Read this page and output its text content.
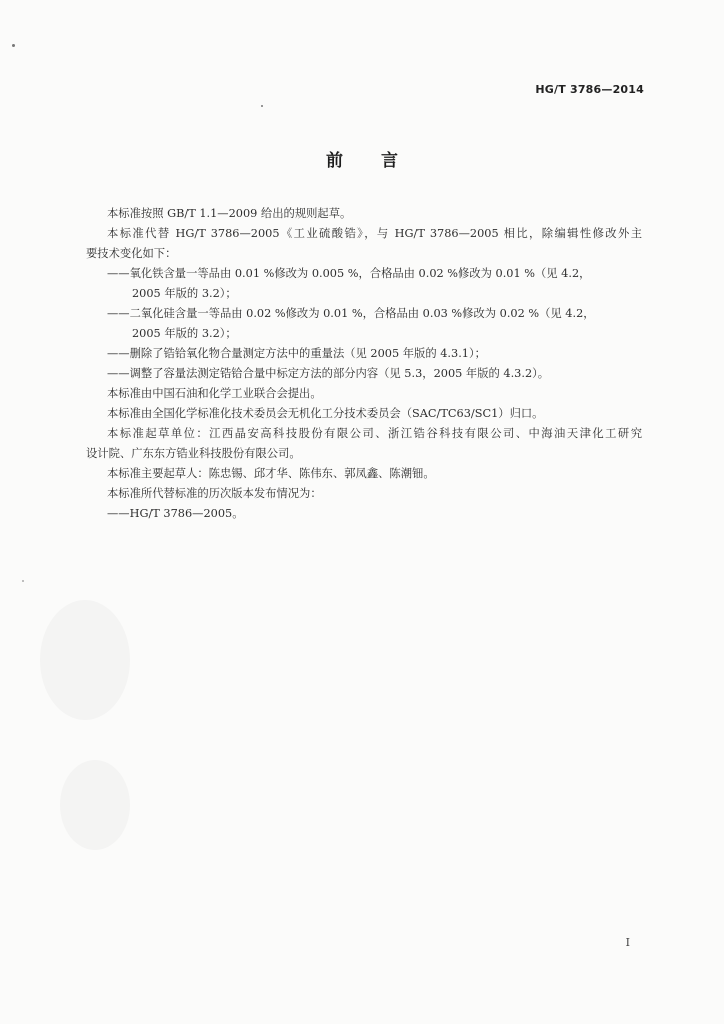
HG/T 3786—2014
前 言
本标准按照 GB/T 1.1—2009 给出的规则起草。
本标准代替 HG/T 3786—2005《工业硫酸锆》，与 HG/T 3786—2005 相比，除编辑性修改外主
要技术变化如下：
——氧化铁含量一等品由 0.01 %修改为 0.005 %，合格品由 0.02 %修改为 0.01 %（见 4.2，
2005 年版的 3.2）；
——二氧化硅含量一等品由 0.02 %修改为 0.01 %，合格品由 0.03 %修改为 0.02 %（见 4.2，
2005 年版的 3.2）；
——删除了锆铪氧化物合量测定方法中的重量法（见 2005 年版的 4.3.1）；
——调整了容量法测定锆铪合量中标定方法的部分内容（见 5.3，2005 年版的 4.3.2）。
本标准由中国石油和化学工业联合会提出。
本标准由全国化学标准化技术委员会无机化工分技术委员会（SAC/TC63/SC1）归口。
本标准起草单位：江西晶安高科技股份有限公司、浙江锆谷科技有限公司、中海油天津化工研究
设计院、广东东方锆业科技股份有限公司。
本标准主要起草人：陈忠锡、邱才华、陈伟东、郭凤鑫、陈潮钿。
本标准所代替标准的历次版本发布情况为：
——HG/T 3786—2005。
I
